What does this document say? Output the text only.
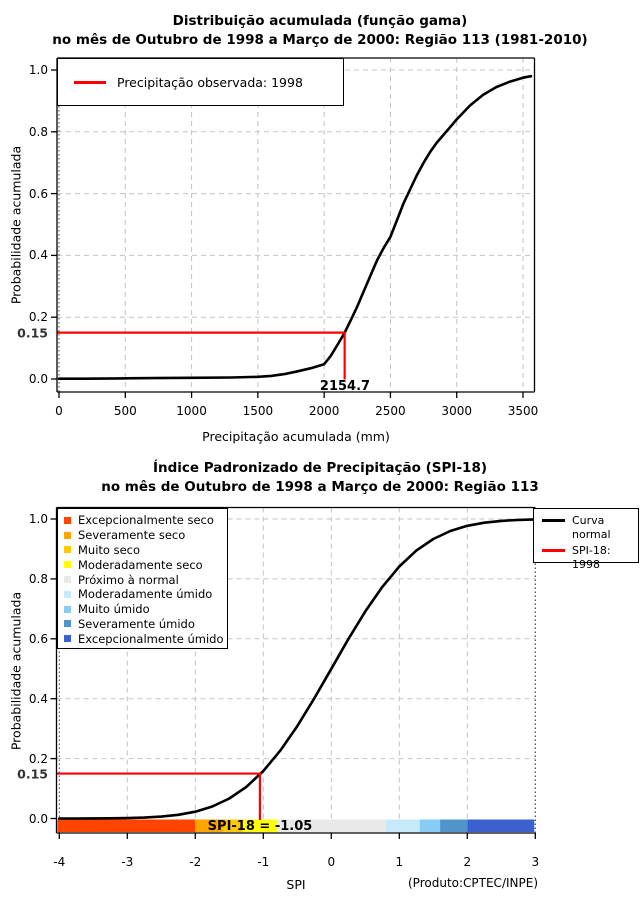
Distribuição acumulada (função gama)
no mês de Outubro de 1998 a Março de 2000: Região 113 (1981-2010)
Índice Padronizado de Precipitação (SPI-18)
no mês de Outubro de 1998 a Março de 2000: Região 113
Probabilidade acumulada
Precipitação acumulada (mm)
Probabilidade acumulada
SPI	(Produto:CPTEC/INPE)
0.15
0.15
2154.7
SPI-18 = -1.05
Precipitação observada: 1998
Excepcionalmente seco
Severamente seco
Muito seco
Moderadamente seco
Próximo à normal
Moderadamente úmido
Muito úmido
Severamente úmido
Excepcionalmente úmido
Curva normal
SPI-18: 1998
0	500	1000	1500	2000	2500	3000	3500
0.0
0.2
0.4
0.6
0.8
1.0
-4	-3	-2	-1	0	1	2	3
0.0
0.2
0.4
0.6
0.8
1.0
